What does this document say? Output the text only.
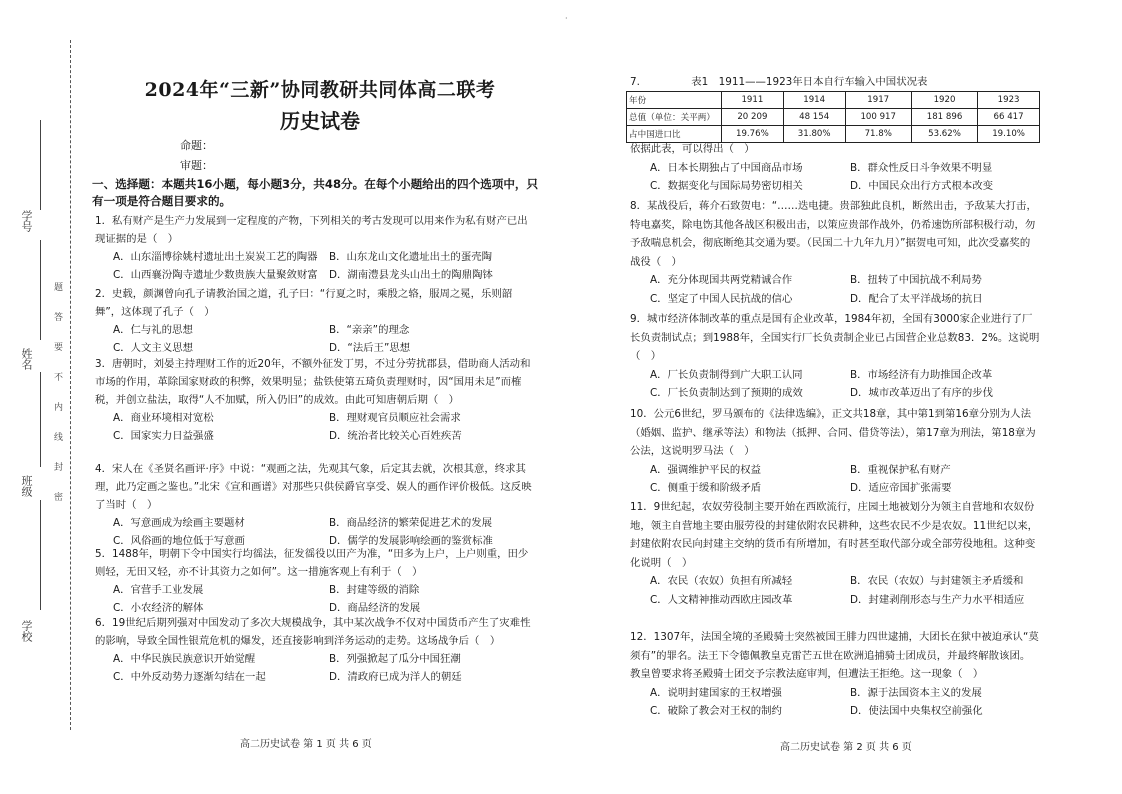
学号
姓名
班级
学校
题
答
要
不
内
线
封
密
2024年“三新”协同教研共同体高二联考
历史试卷
命题：
审题：
一、选择题：本题共16小题，每小题3分，共48分。在每个小题给出的四个选项中，只有一项是符合题目要求的。
1．私有财产是生产力发展到一定程度的产物，下列相关的考古发现可以用来作为私有财产已出现证据的是（　）
A．山东淄博徐姚村遗址出土炭炭工艺的陶器 B．山东龙山文化遗址出土的蛋壳陶
C．山西襄汾陶寺遗址少数贵族大量聚敛财富 D．湖南澧县龙头山出土的陶鼎陶钵
2．史载，颜渊曾向孔子请教治国之道，孔子曰：“行夏之时，乘殷之辂，服周之冕，乐则韶舞”，这体现了孔子（　）
A．仁与礼的思想	B．“亲亲”的理念
C．人文主义思想	D．“法后王”思想
3．唐朝时，刘晏主持理财工作的近20年，不额外征发丁男，不过分劳扰郡县，借助商人活动和市场的作用，革除国家财政的积弊，效果明显；盐铁使第五琦负责理财时，因“国用未足”而榷税，并创立盐法，取得“人不加赋，所入仍旧”的成效。由此可知唐朝后期（　）
A．商业环境相对宽松	B．理财观官员顺应社会需求
C．国家实力日益强盛	D．统治者比较关心百姓疾苦
4．宋人在《圣贤名画评·序》中说：“观画之法，先观其气象，后定其去就，次根其意，终求其理，此乃定画之鉴也。”北宋《宣和画谱》对那些只供侯爵官享受、娱人的画作评价极低。这反映了当时（　）
A．写意画成为绘画主要题材	B．商品经济的繁荣促进艺术的发展
C．风俗画的地位低于写意画	D．儒学的发展影响绘画的鉴赏标准
5．1488年，明朝下令中国实行均徭法，征发徭役以田产为准，“田多为上户，上户则重，田少则轻，无田又轻，亦不计其资力之如何”。这一措施客观上有利于（　）
A．官营手工业发展	B．封建等级的消除
C．小农经济的解体	D．商品经济的发展
6．19世纪后期列强对中国发动了多次大规模战争，其中某次战争不仅对中国货币产生了灾难性的影响，导致全国性银荒危机的爆发，还直接影响到洋务运动的走势。这场战争后（　）
A．中华民族民族意识开始觉醒	B．列强掀起了瓜分中国狂潮
C．中外反动势力逐渐勾结在一起	D．清政府已成为洋人的朝廷
高二历史试卷 第 1 页 共 6 页
·
7.	表1　1911——1923年日本自行车输入中国状况表
年份	1911	1914	1917	1920	1923
总值（单位：关平两）	20 209	48 154	100 917	181 896	66 417
占中国进口比	19.76%	31.80%	71.8%	53.62%	19.10%
依据此表，可以得出（　）
A．日本长期独占了中国商品市场	B．群众性反日斗争效果不明显
C．数据变化与国际局势密切相关	D．中国民众出行方式根本改变
8．某战役后，蒋介石致贺电：“……迭电捷。贵部独此良机，断然出击，予敌某大打击，特电嘉奖，除电饬其他各战区积极出击，以策应贵部作战外，仍希速饬所部积极行动，勿予敌喘息机会，彻底断绝其交通为要。（民国二十九年九月）”据贺电可知，此次受嘉奖的战役（　）
A．充分体现国共两党精诚合作	B．扭转了中国抗战不利局势
C．坚定了中国人民抗战的信心	D．配合了太平洋战场的抗日
9．城市经济体制改革的重点是国有企业改革，1984年初，全国有3000家企业进行了厂长负责制试点；到1988年，全国实行厂长负责制企业已占国营企业总数83．2%。这说明（　）
A．厂长负责制得到广大职工认同	B．市场经济有力助推国企改革
C．厂长负责制达到了预期的成效	D．城市改革迈出了有序的步伐
10．公元6世纪，罗马颁布的《法律选编》，正文共18章，其中第1到第16章分别为人法（婚姻、监护、继承等法）和物法（抵押、合同、借贷等法），第17章为刑法，第18章为公法，这说明罗马法（　）
A．强调维护平民的权益	B．重视保护私有财产
C．侧重于缓和阶级矛盾	D．适应帝国扩张需要
11．9世纪起，农奴劳役制主要开始在西欧流行，庄园土地被划分为领主自营地和农奴份地，领主自营地主要由服劳役的封建依附农民耕种，这些农民不少是农奴。11世纪以来，封建依附农民向封建主交纳的货币有所增加，有时甚至取代部分或全部劳役地租。这种变化说明（　）
A．农民（农奴）负担有所减轻	B．农民（农奴）与封建领主矛盾缓和
C．人文精神推动西欧庄园改革	D．封建剥削形态与生产力水平相适应
12．1307年，法国全境的圣殿骑士突然被国王腓力四世逮捕，大团长在狱中被迫承认“莫须有”的罪名。法王下令德佩教皇克雷芒五世在欧洲追捕骑士团成员，并最终解散该团。教皇曾要求将圣殿骑士团交予宗教法庭审判，但遭法王拒绝。这一现象（　）
A．说明封建国家的王权增强	B．源于法国资本主义的发展
C．破除了教会对王权的制约	D．使法国中央集权空前强化
高二历史试卷 第 2 页 共 6 页
